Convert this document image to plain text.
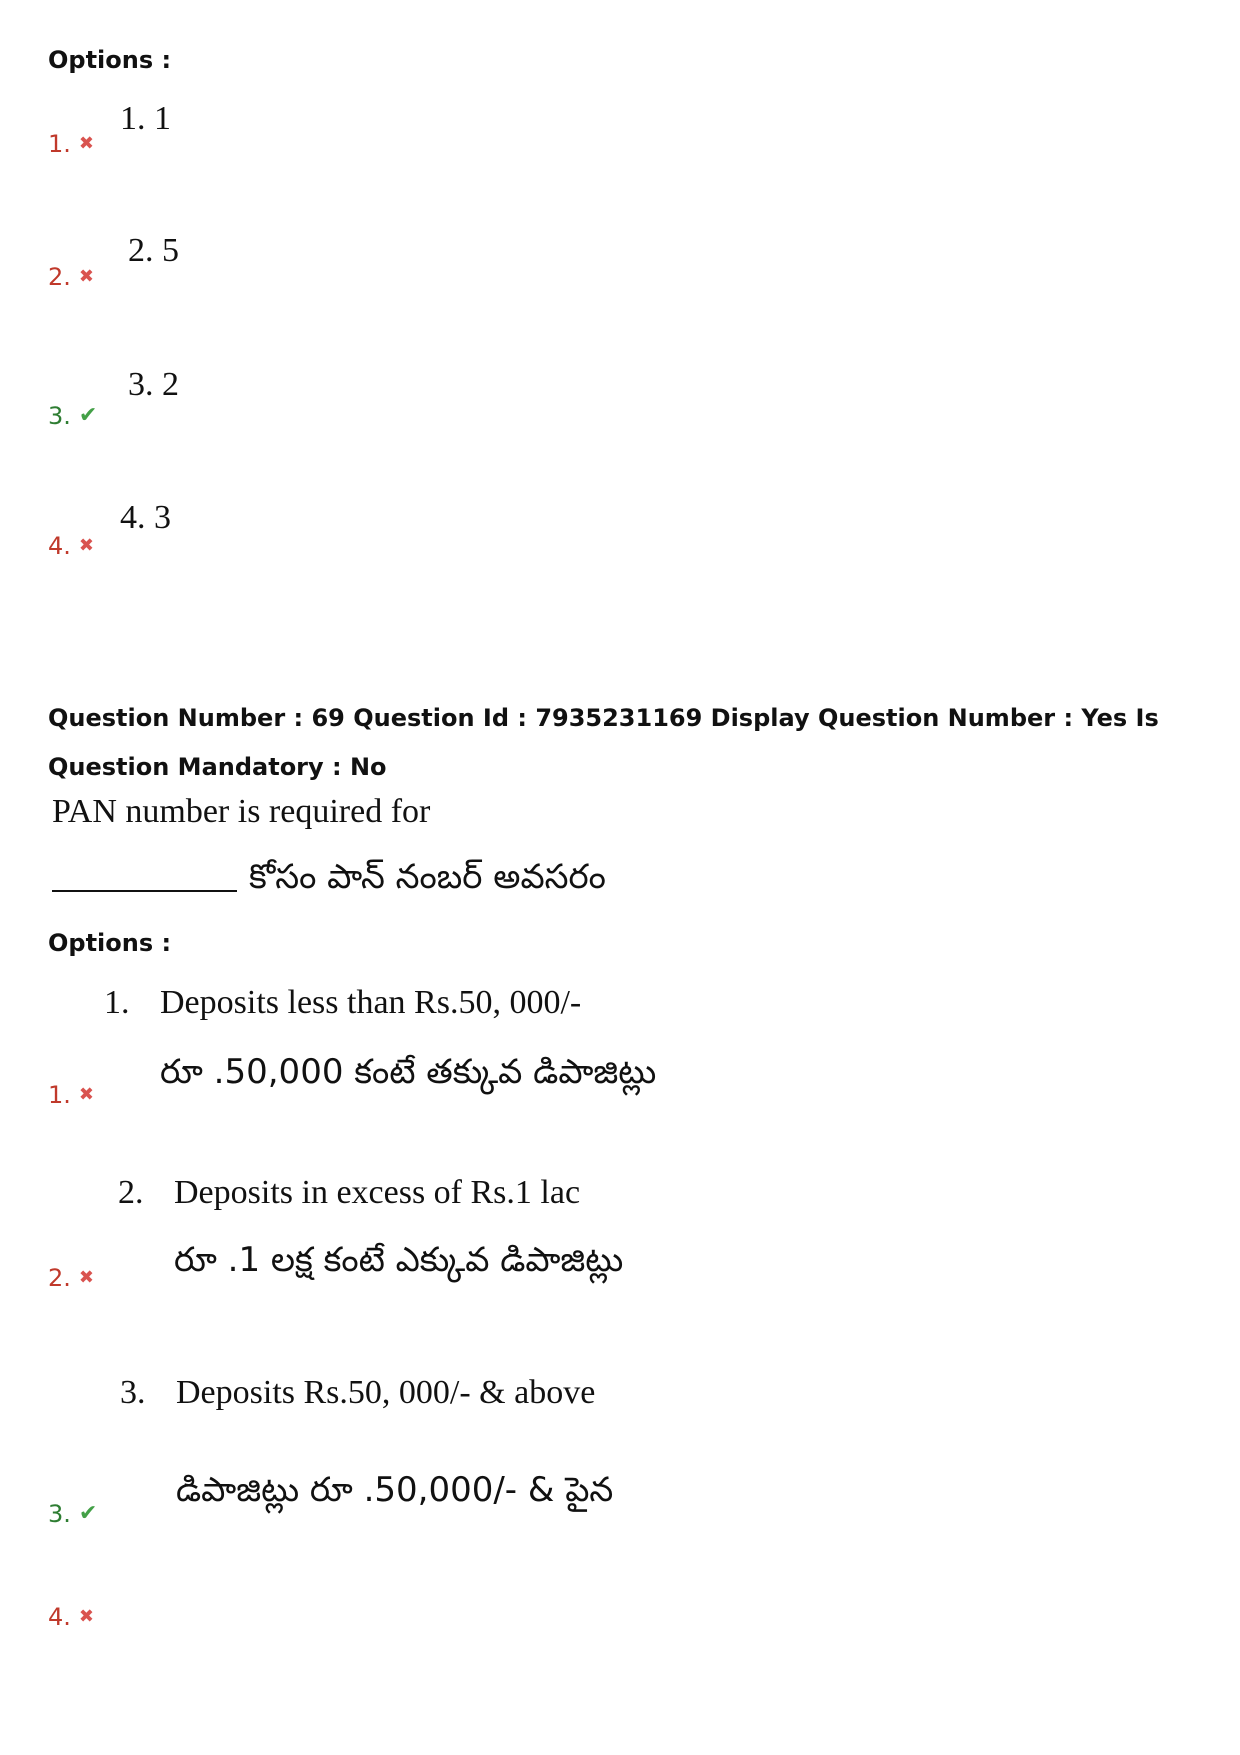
Options :
1. 1
1. ✖
2. 5
2. ✖
3. 2
3. ✔
4. 3
4. ✖
Question Number : 69 Question Id : 7935231169 Display Question Number : Yes Is Question Mandatory : No
PAN number is required for
కోసం పాన్ నంబర్ అవసరం
Options :
1. Deposits less than Rs.50, 000/-
రూ .50,000 కంటే తక్కువ డిపాజిట్లు
1. ✖
2. Deposits in excess of Rs.1 lac
రూ .1 లక్ష కంటే ఎక్కువ డిపాజిట్లు
2. ✖
3. Deposits Rs.50, 000/- & above
డిపాజిట్లు రూ .50,000/- & పైన
3. ✔
4. ✖
